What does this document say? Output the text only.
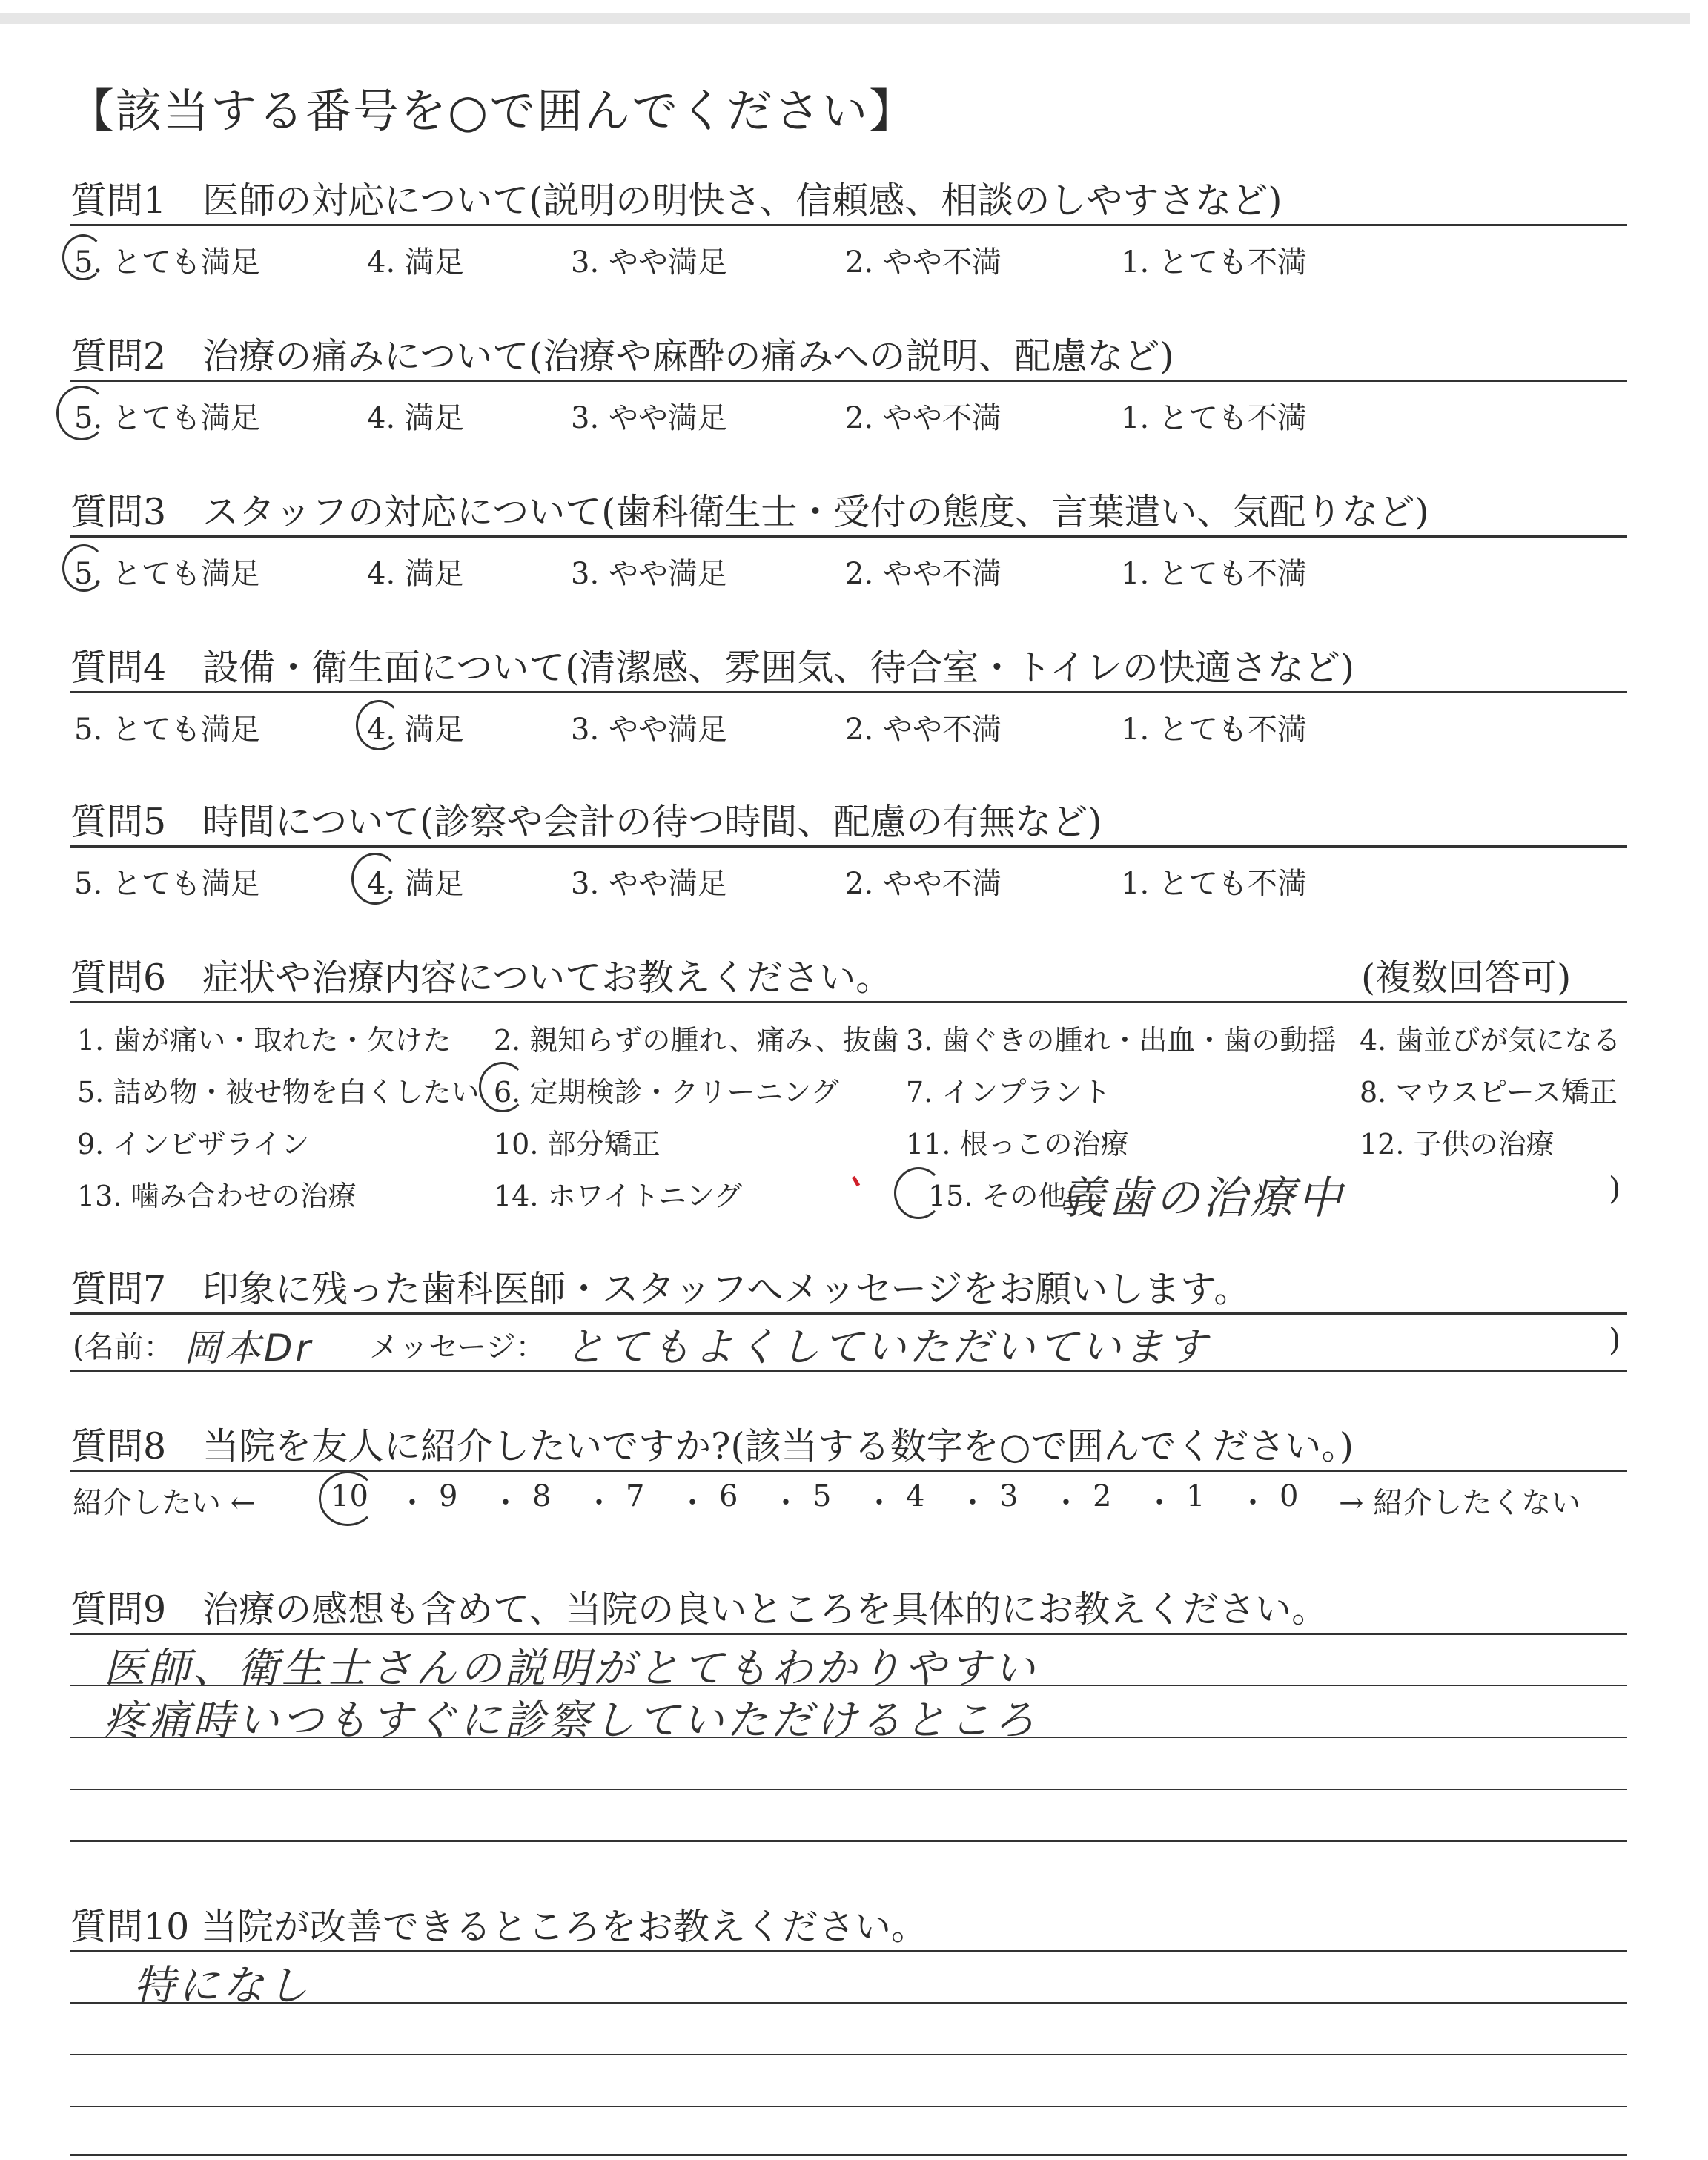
【該当する番号を○で囲んでください】
質問1　医師の対応について(説明の明快さ、信頼感、相談のしやすさなど)
5. とても満足	4. 満足	3. やや満足	2. やや不満	1. とても不満
質問2　治療の痛みについて(治療や麻酔の痛みへの説明、配慮など)
5. とても満足	4. 満足	3. やや満足	2. やや不満	1. とても不満
質問3　スタッフの対応について(歯科衛生士・受付の態度、言葉遣い、気配りなど)
5. とても満足	4. 満足	3. やや満足	2. やや不満	1. とても不満
質問4　設備・衛生面について(清潔感、雰囲気、待合室・トイレの快適さなど)
5. とても満足	4. 満足	3. やや満足	2. やや不満	1. とても不満
質問5　時間について(診察や会計の待つ時間、配慮の有無など)
5. とても満足	4. 満足	3. やや満足	2. やや不満	1. とても不満
質問6　症状や治療内容についてお教えください。	(複数回答可)
1. 歯が痛い・取れた・欠けた 2. 親知らずの腫れ、痛み、抜歯 3. 歯ぐきの腫れ・出血・歯の動揺 4. 歯並びが気になる
5. 詰め物・被せ物を白くしたい 6. 定期検診・クリーニング 7. インプラント	8. マウスピース矯正
9. インビザライン	10. 部分矯正	11. 根っこの治療	12. 子供の治療
13. 噛み合わせの治療	14. ホワイトニング	15. その他(
義歯の治療中	)
質問7　印象に残った歯科医師・スタッフへメッセージをお願いします。
(名前： 岡本Dr メッセージ： とてもよくしていただいています	)
質問8　当院を友人に紹介したいですか?(該当する数字を○で囲んでください。)
紹介したい ←	10 ・ 9 ・ 8 ・ 7 ・ 6 ・ 5 ・ 4 ・ 3 ・ 2 ・ 1 ・ 0 → 紹介したくない
質問9　治療の感想も含めて、当院の良いところを具体的にお教えください。
医師、衛生士さんの説明がとてもわかりやすい
疼痛時いつもすぐに診察していただけるところ
質問10 当院が改善できるところをお教えください。
特になし
